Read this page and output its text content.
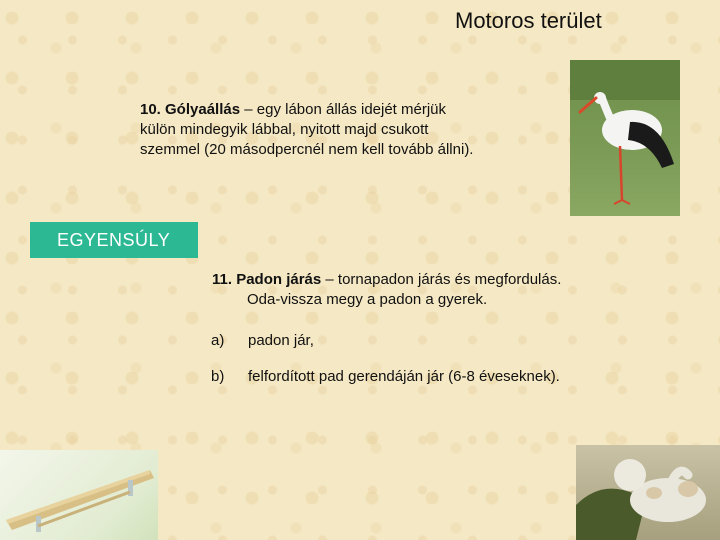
Motoros terület
10. Gólyaállás – egy lábon állás idejét mérjük
külön mindegyik lábbal, nyitott majd csukott
szemmel (20 másodpercnél nem kell tovább állni).
EGYENSÚLY
11. Padon járás – tornapadon járás és megfordulás.
Oda-vissza megy a padon a gyerek.
a) padon jár,
b) felfordított pad gerendáján jár (6-8 éveseknek).
